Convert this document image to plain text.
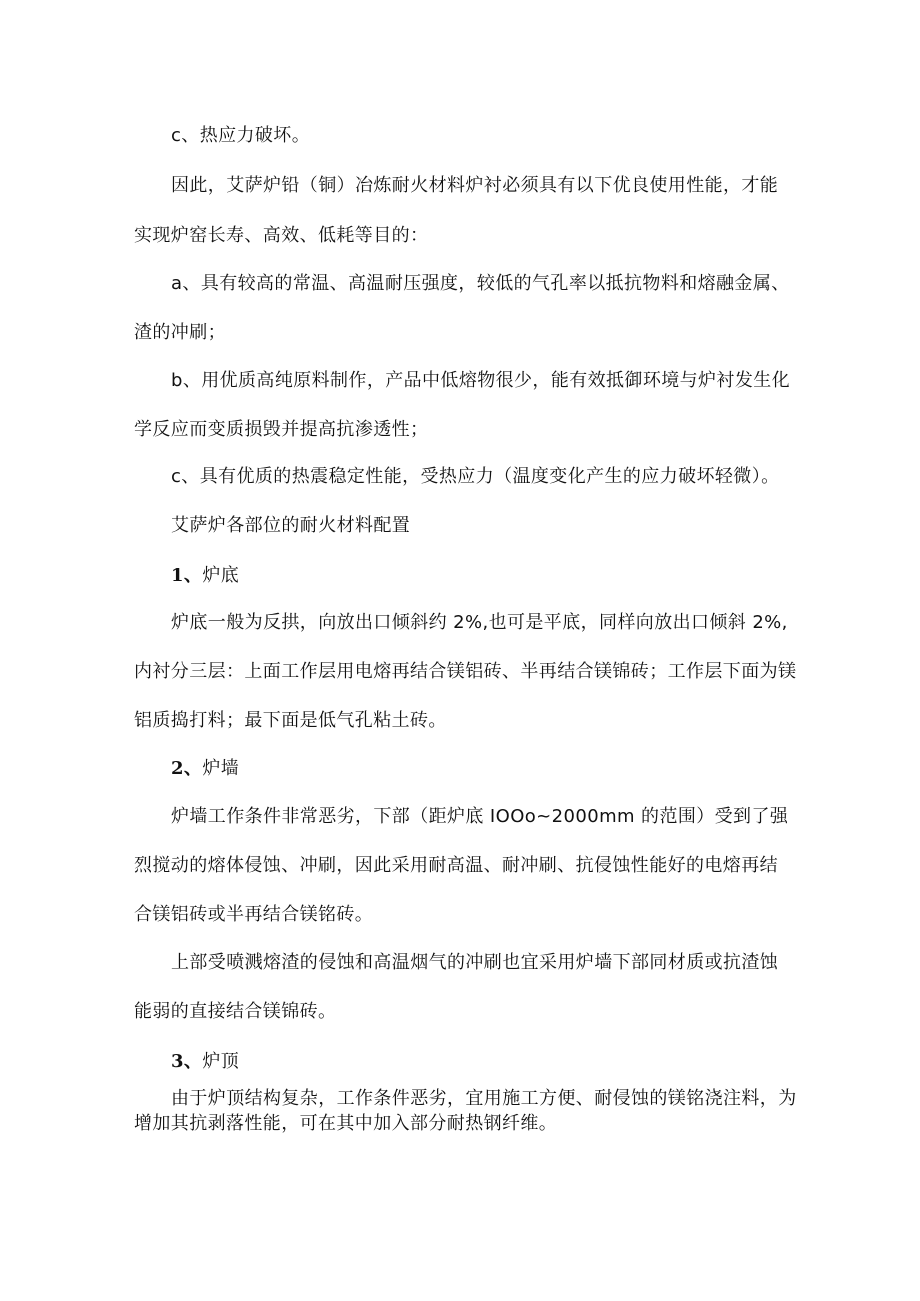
c、热应力破坏。
因此，艾萨炉铅（铜）冶炼耐火材料炉衬必须具有以下优良使用性能，才能
实现炉窑长寿、高效、低耗等目的：
a、具有较高的常温、高温耐压强度，较低的气孔率以抵抗物料和熔融金属、
渣的冲刷；
b、用优质高纯原料制作，产品中低熔物很少，能有效抵御环境与炉衬发生化
学反应而变质损毁并提高抗渗透性；
c、具有优质的热震稳定性能，受热应力（温度变化产生的应力破坏轻微）。
艾萨炉各部位的耐火材料配置
1、炉底
炉底一般为反拱，向放出口倾斜约 2%,也可是平底，同样向放出口倾斜 2%,
内衬分三层：上面工作层用电熔再结合镁铝砖、半再结合镁锦砖；工作层下面为镁
铝质捣打料；最下面是低气孔粘土砖。
2、炉墙
炉墙工作条件非常恶劣，下部（距炉底 IOOo~2000mm 的范围）受到了强
烈搅动的熔体侵蚀、冲刷，因此采用耐高温、耐冲刷、抗侵蚀性能好的电熔再结
合镁铝砖或半再结合镁铭砖。
上部受喷溅熔渣的侵蚀和高温烟气的冲刷也宜采用炉墙下部同材质或抗渣蚀
能弱的直接结合镁锦砖。
3、炉顶
由于炉顶结构复杂，工作条件恶劣，宜用施工方便、耐侵蚀的镁铭浇注料，为
增加其抗剥落性能，可在其中加入部分耐热钢纤维。
